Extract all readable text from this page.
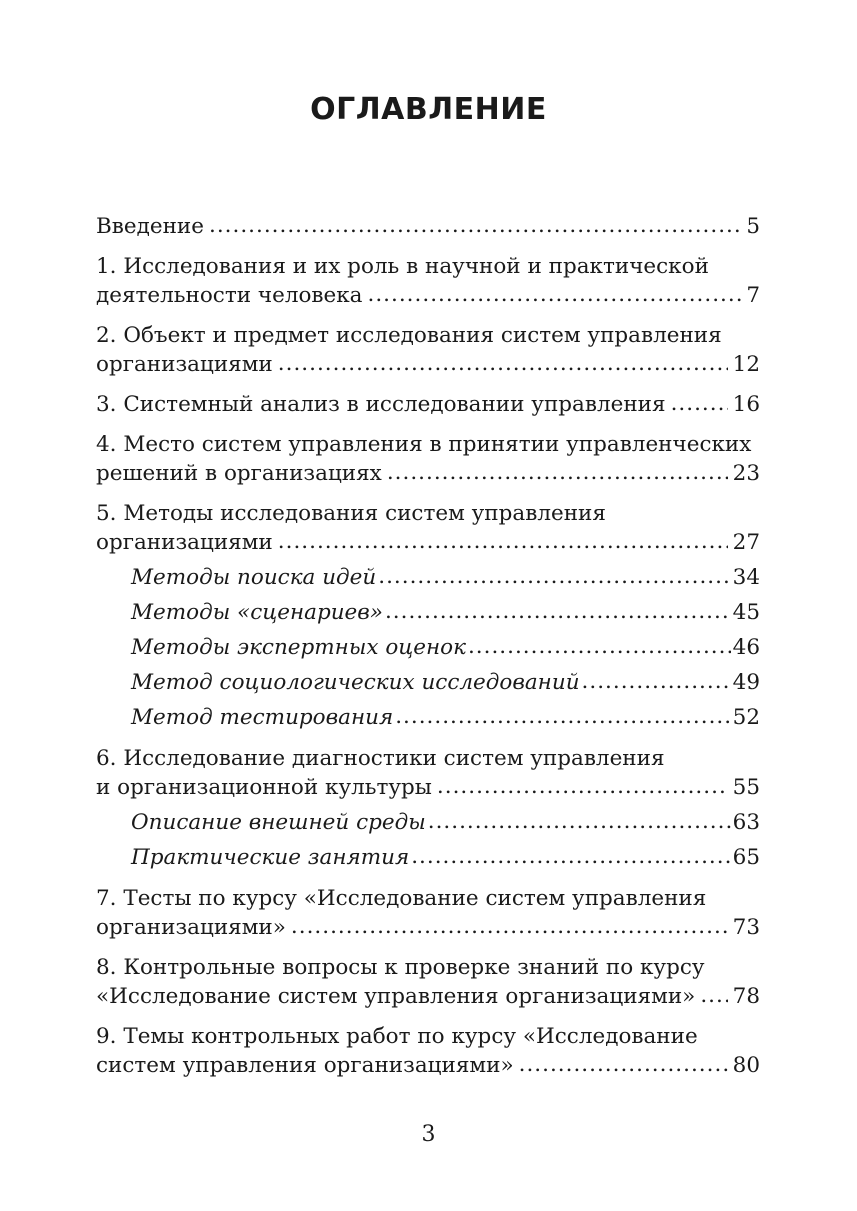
ОГЛАВЛЕНИЕ
Введение .....	5
1. Исследования и их роль в научной и практической
деятельности человека .....	7
2. Объект и предмет исследования систем управления
организациями .....	12
3. Системный анализ в исследовании управления .....	16
4. Место систем управления в принятии управленческих
решений в организациях .....	23
5. Методы исследования систем управления
организациями .....	27
Методы поиска идей .....	34
Методы «сценариев» .....	45
Методы экспертных оценок .....	46
Метод социологических исследований .....	49
Метод тестирования .....	52
6. Исследование диагностики систем управления
и организационной культуры .....	55
Описание внешней среды .....	63
Практические занятия .....	65
7. Тесты по курсу «Исследование систем управления
организациями» .....	73
8. Контрольные вопросы к проверке знаний по курсу
«Исследование систем управления организациями» ..... 78
9. Темы контрольных работ по курсу «Исследование
систем управления организациями» .....	80
3
